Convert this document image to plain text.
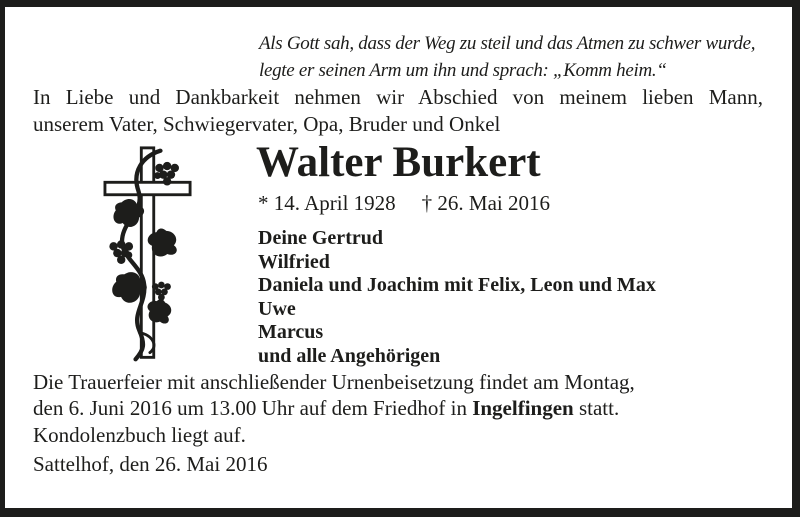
Als Gott sah, dass der Weg zu steil und das Atmen zu schwer wurde,
legte er seinen Arm um ihn und sprach: „Komm heim.“
In Liebe und Dankbarkeit nehmen wir Abschied von meinem lieben Mann,
unserem Vater, Schwiegervater, Opa, Bruder und Onkel
Walter Burkert
* 14. April 1928 † 26. Mai 2016
Deine Gertrud
Wilfried
Daniela und Joachim mit Felix, Leon und Max
Uwe
Marcus
und alle Angehörigen
Die Trauerfeier mit anschließender Urnenbeisetzung findet am Montag,
den 6. Juni 2016 um 13.00 Uhr auf dem Friedhof in Ingelfingen statt.
Kondolenzbuch liegt auf.
Sattelhof, den 26. Mai 2016
